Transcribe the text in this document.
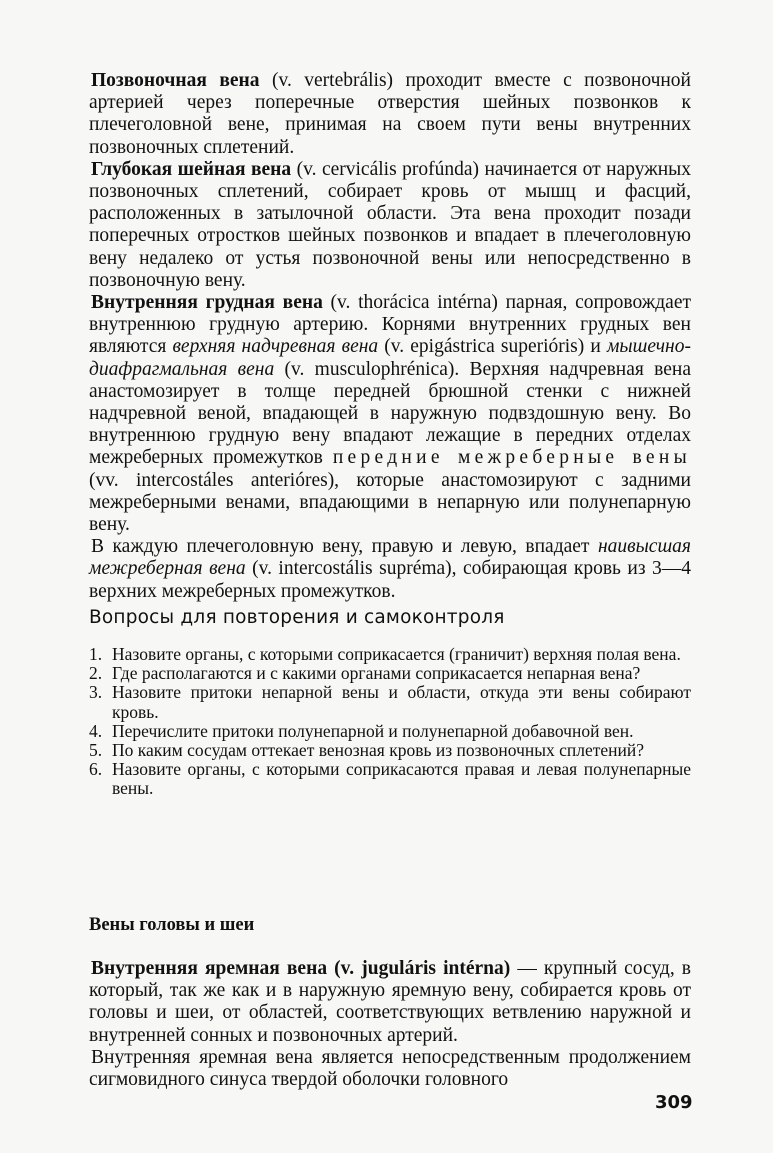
Позвоночная вена (v. vertebrális) проходит вместе с позвоночной артерией через поперечные отверстия шейных позвонков к плечеголовной вене, принимая на своем пути вены внутренних позвоночных сплетений.

Глубокая шейная вена (v. cervicális profúnda) начинается от наружных позвоночных сплетений, собирает кровь от мышц и фасций, расположенных в затылочной области. Эта вена проходит позади поперечных отростков шейных позвонков и впадает в плечеголовную вену недалеко от устья позвоночной вены или непосредственно в позвоночную вену.

Внутренняя грудная вена (v. thorácica intérna) парная, сопровождает внутреннюю грудную артерию. Корнями внутренних грудных вен являются верхняя надчревная вена (v. epigástrica superióris) и мышечно-диафрагмальная вена (v. musculophrénica). Верхняя надчревная вена анастомозирует в толще передней брюшной стенки с нижней надчревной веной, впадающей в наружную подвздошную вену. Во внутреннюю грудную вену впадают лежащие в передних отделах межреберных промежутков передние межреберные вены (vv. intercostáles anterióres), которые анастомозируют с задними межреберными венами, впадающими в непарную или полунепарную вену.

В каждую плечеголовную вену, правую и левую, впадает наивысшая межреберная вена (v. intercostális supréma), собирающая кровь из 3—4 верхних межреберных промежутков.

Вопросы для повторения и самоконтроля
1. Назовите органы, с которыми соприкасается (граничит) верхняя полая вена.
2. Где располагаются и с какими органами соприкасается непарная вена?
3. Назовите притоки непарной вены и области, откуда эти вены собирают кровь.
4. Перечислите притоки полунепарной и полунепарной добавочной вен.
5. По каким сосудам оттекает венозная кровь из позвоночных сплетений?
6. Назовите органы, с которыми соприкасаются правая и левая полунепарные вены.
Вены головы и шеи

Внутренняя яремная вена (v. juguláris intérna) — крупный сосуд, в который, так же как и в наружную яремную вену, собирается кровь от головы и шеи, от областей, соответствующих ветвлению наружной и внутренней сонных и позвоночных артерий.

Внутренняя яремная вена является непосредственным продолжением сигмовидного синуса твердой оболочки головного

309
